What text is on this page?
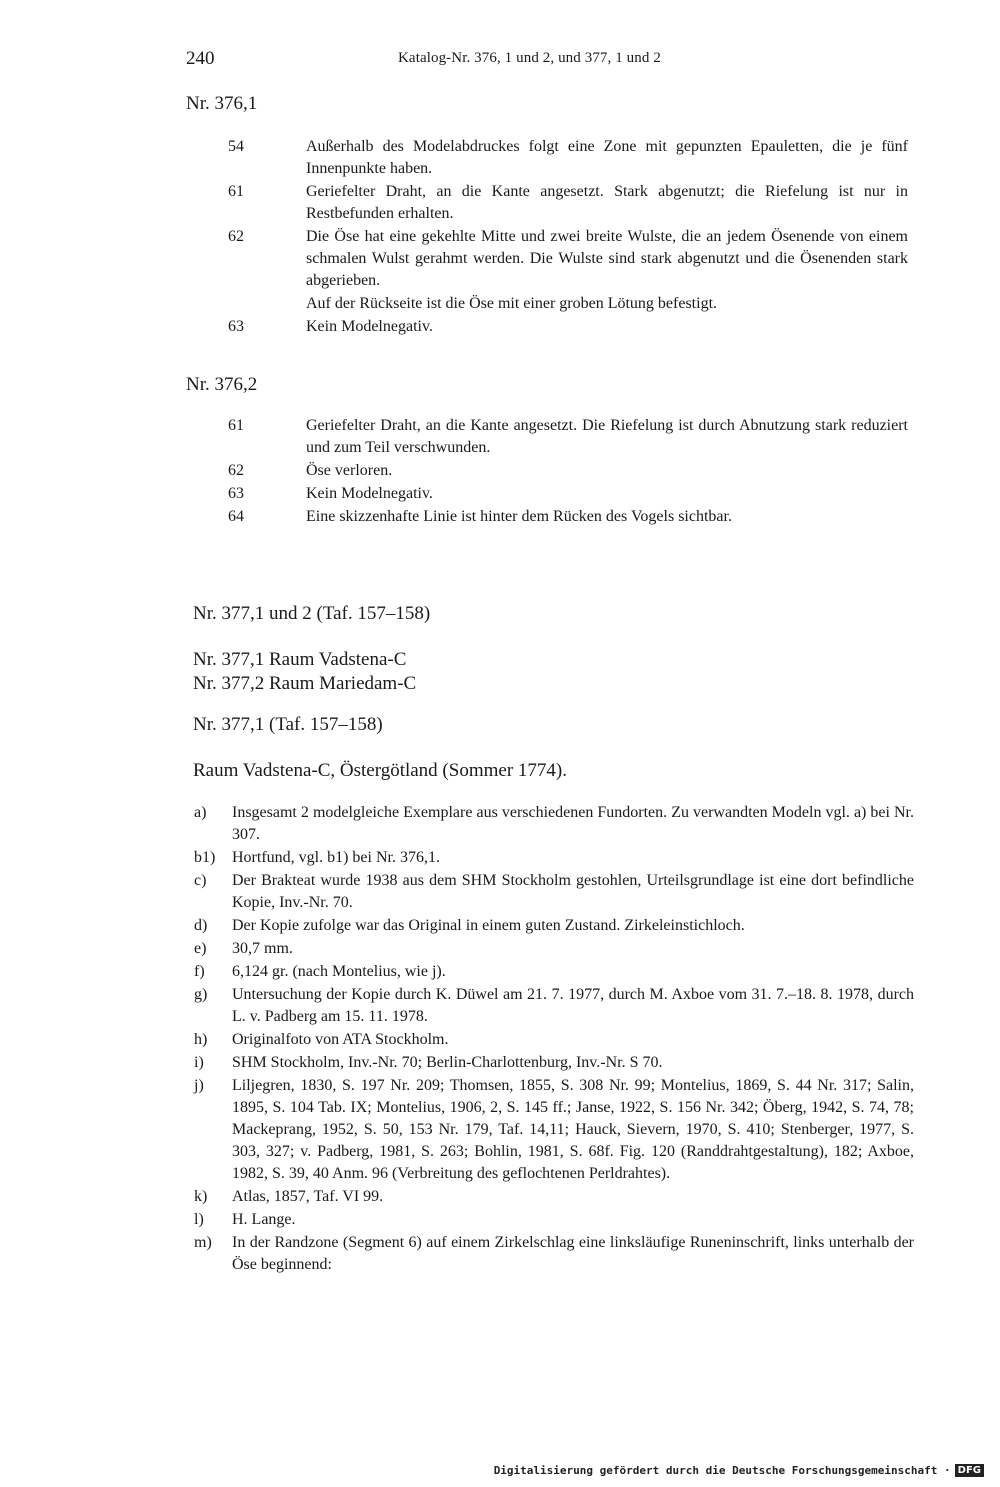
240	Katalog-Nr. 376, 1 und 2, und 377, 1 und 2
Nr. 376,1
54	Außerhalb des Modelabdruckes folgt eine Zone mit gepunzten Epauletten, die je fünf Innenpunkte haben.
61	Geriefelter Draht, an die Kante angesetzt. Stark abgenutzt; die Riefelung ist nur in Restbefunden erhalten.
62	Die Öse hat eine gekehlte Mitte und zwei breite Wulste, die an jedem Ösenende von einem schmalen Wulst gerahmt werden. Die Wulste sind stark abgenutzt und die Ösenenden stark abgerieben.
Auf der Rückseite ist die Öse mit einer groben Lötung befestigt.
63	Kein Modelnegativ.
Nr. 376,2
61	Geriefelter Draht, an die Kante angesetzt. Die Riefelung ist durch Abnutzung stark reduziert und zum Teil verschwunden.
62	Öse verloren.
63	Kein Modelnegativ.
64	Eine skizzenhafte Linie ist hinter dem Rücken des Vogels sichtbar.
Nr. 377,1 und 2 (Taf. 157–158)
Nr. 377,1 Raum Vadstena-C
Nr. 377,2 Raum Mariedam-C
Nr. 377,1 (Taf. 157–158)
Raum Vadstena-C, Östergötland (Sommer 1774).
a) Insgesamt 2 modelgleiche Exemplare aus verschiedenen Fundorten. Zu verwandten Modeln vgl. a) bei Nr. 307.
b1) Hortfund, vgl. b1) bei Nr. 376,1.
c) Der Brakteat wurde 1938 aus dem SHM Stockholm gestohlen, Urteilsgrundlage ist eine dort befindliche Kopie, Inv.-Nr. 70.
d) Der Kopie zufolge war das Original in einem guten Zustand. Zirkeleinstichloch.
e) 30,7 mm.
f) 6,124 gr. (nach Montelius, wie j).
g) Untersuchung der Kopie durch K. Düwel am 21. 7. 1977, durch M. Axboe vom 31. 7.–18. 8. 1978, durch L. v. Padberg am 15. 11. 1978.
h) Originalfoto von ATA Stockholm.
i) SHM Stockholm, Inv.-Nr. 70; Berlin-Charlottenburg, Inv.-Nr. S 70.
j) Liljegren, 1830, S. 197 Nr. 209; Thomsen, 1855, S. 308 Nr. 99; Montelius, 1869, S. 44 Nr. 317; Salin, 1895, S. 104 Tab. IX; Montelius, 1906, 2, S. 145 ff.; Janse, 1922, S. 156 Nr. 342; Öberg, 1942, S. 74, 78; Mackeprang, 1952, S. 50, 153 Nr. 179, Taf. 14,11; Hauck, Sievern, 1970, S. 410; Stenberger, 1977, S. 303, 327; v. Padberg, 1981, S. 263; Bohlin, 1981, S. 68f. Fig. 120 (Randdrahtgestaltung), 182; Axboe, 1982, S. 39, 40 Anm. 96 (Verbreitung des geflochtenen Perldrahtes).
k) Atlas, 1857, Taf. VI 99.
l) H. Lange.
m) In der Randzone (Segment 6) auf einem Zirkelschlag eine linksläufige Runeninschrift, links unterhalb der Öse beginnend:
Digitalisierung gefördert durch die Deutsche Forschungsgemeinschaft · DFG
